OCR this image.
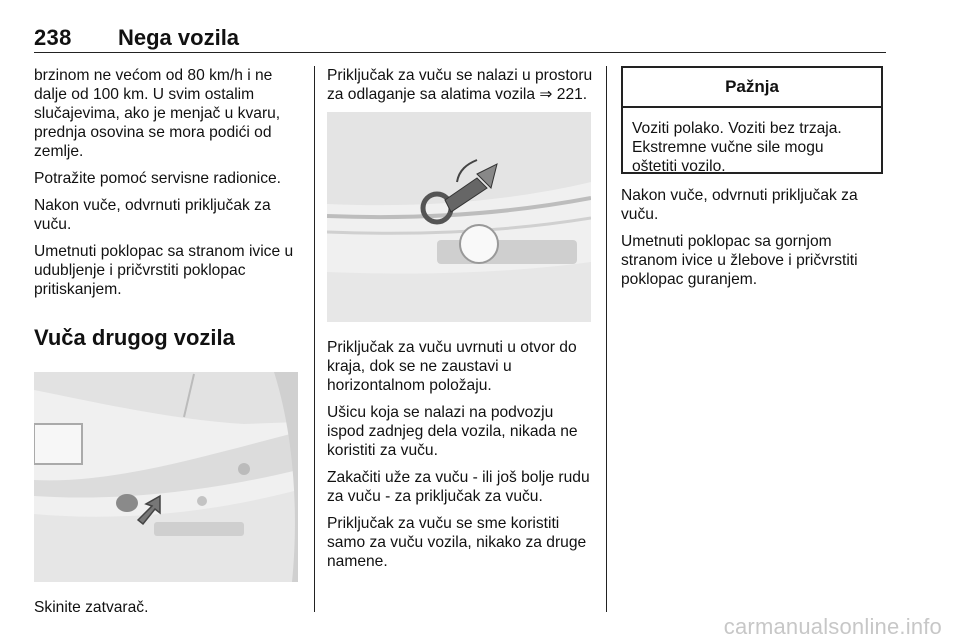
238 Nega vozila

brzinom ne većom od 80 km/h i ne dalje od 100 km. U svim ostalim slučajevima, ako je menjač u kvaru, prednja osovina se mora podići od zemlje.

Potražite pomoć servisne radionice.

Nakon vuče, odvrnuti priključak za vuču.

Umetnuti poklopac sa stranom ivice u udubljenje i pričvrstiti poklopac pritiskanjem.

Vuča drugog vozila

Skinite zatvarač.

Priključak za vuču se nalazi u prostoru za odlaganje sa alatima vozila ⇒ 221.

Priključak za vuču uvrnuti u otvor do kraja, dok se ne zaustavi u horizontalnom položaju.

Ušicu koja se nalazi na podvozju ispod zadnjeg dela vozila, nikada ne koristiti za vuču.

Zakačiti uže za vuču - ili još bolje rudu za vuču - za priključak za vuču.

Priključak za vuču se sme koristiti samo za vuču vozila, nikako za druge namene.

Pažnja
Voziti polako. Voziti bez trzaja. Ekstremne vučne sile mogu oštetiti vozilo.

Nakon vuče, odvrnuti priključak za vuču.

Umetnuti poklopac sa gornjom stranom ivice u žlebove i pričvrstiti poklopac guranjem.

carmanualsonline.info
